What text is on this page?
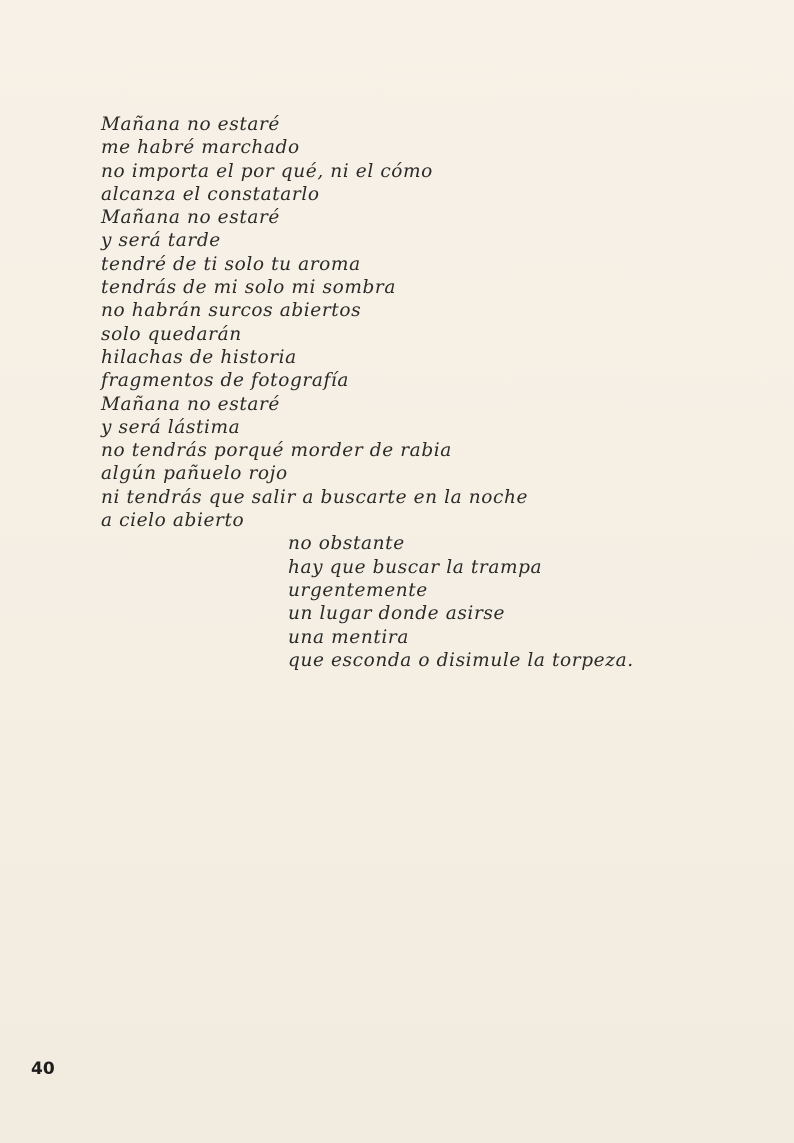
Mañana no estaré
me habré marchado
no importa el por qué, ni el cómo
alcanza el constatarlo
Mañana no estaré
y será tarde
tendré de ti solo tu aroma
tendrás de mi solo mi sombra
no habrán surcos abiertos
solo quedarán
hilachas de historia
fragmentos de fotografía
Mañana no estaré
y será lástima
no tendrás porqué morder de rabia
algún pañuelo rojo
ni tendrás que salir a buscarte en la noche
a cielo abierto
no obstante
hay que buscar la trampa
urgentemente
un lugar donde asirse
una mentira
que esconda o disimule la torpeza.
40
